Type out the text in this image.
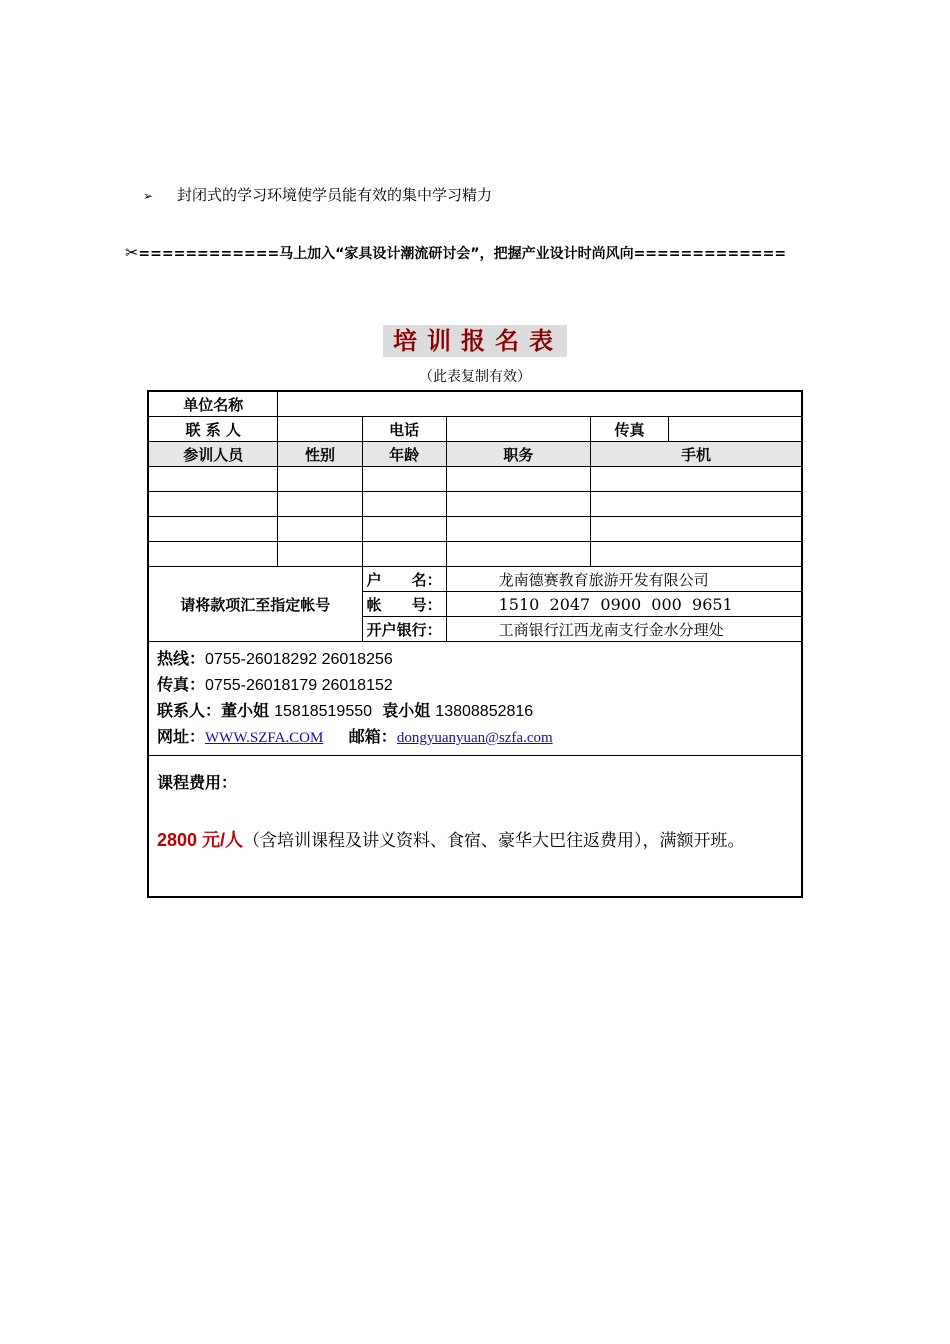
➢ 封闭式的学习环境使学员能有效的集中学习精力
✂============马上加入“家具设计潮流研讨会”，把握产业设计时尚风向=============
培训报名表
（此表复制有效）
单位名称					
联 系 人		电话		传真	
参训人员	性别	年龄	职务	手机	

请将款项汇至指定帐号		户　　名：	龙南德赛教育旅游开发有限公司		
		帐　　号：	1510  2047  0900  000  9651		
		开户银行：	工商银行江西龙南支行金水分理处		

热线：0755-26018292 26018256
传真：0755-26018179 26018152
联系人：董小姐 15818519550 袁小姐 13808852816
网址：WWW.SZFA.COM 邮箱：dongyuanyuan@szfa.com					

课程费用：
2800 元/人（含培训课程及讲义资料、食宿、豪华大巴往返费用），满额开班。					
